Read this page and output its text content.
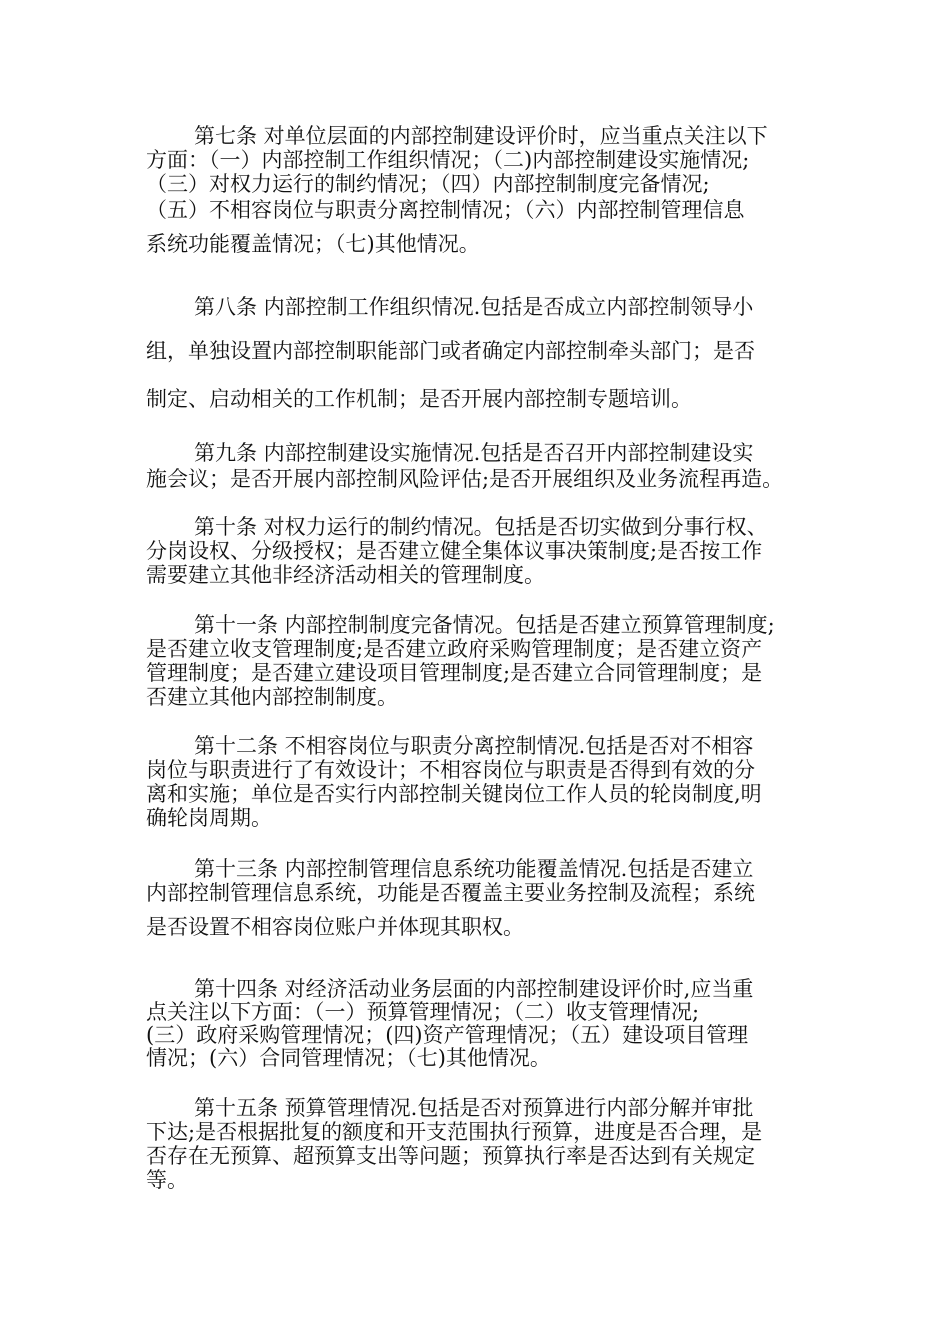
第七条 对单位层面的内部控制建设评价时，应当重点关注以下
方面：（一）内部控制工作组织情况；（二)内部控制建设实施情况;
（三）对权力运行的制约情况；（四）内部控制制度完备情况;
（五）不相容岗位与职责分离控制情况；（六）内部控制管理信息
系统功能覆盖情况；（七)其他情况。
第八条 内部控制工作组织情况.包括是否成立内部控制领导小
组，单独设置内部控制职能部门或者确定内部控制牵头部门；是否
制定、启动相关的工作机制；是否开展内部控制专题培训。
第九条 内部控制建设实施情况.包括是否召开内部控制建设实
施会议；是否开展内部控制风险评估;是否开展组织及业务流程再造。
第十条 对权力运行的制约情况。包括是否切实做到分事行权、
分岗设权、分级授权；是否建立健全集体议事决策制度;是否按工作
需要建立其他非经济活动相关的管理制度。
第十一条 内部控制制度完备情况。包括是否建立预算管理制度;
是否建立收支管理制度;是否建立政府采购管理制度；是否建立资产
管理制度；是否建立建设项目管理制度;是否建立合同管理制度；是
否建立其他内部控制制度。
第十二条 不相容岗位与职责分离控制情况.包括是否对不相容
岗位与职责进行了有效设计；不相容岗位与职责是否得到有效的分
离和实施；单位是否实行内部控制关键岗位工作人员的轮岗制度,明
确轮岗周期。
第十三条 内部控制管理信息系统功能覆盖情况.包括是否建立
内部控制管理信息系统，功能是否覆盖主要业务控制及流程；系统
是否设置不相容岗位账户并体现其职权。
第十四条 对经济活动业务层面的内部控制建设评价时,应当重
点关注以下方面：（一）预算管理情况；（二）收支管理情况;
(三）政府采购管理情况；(四)资产管理情况；（五）建设项目管理
情况；(六）合同管理情况；（七)其他情况。
第十五条 预算管理情况.包括是否对预算进行内部分解并审批
下达;是否根据批复的额度和开支范围执行预算，进度是否合理，是
否存在无预算、超预算支出等问题；预算执行率是否达到有关规定
等。
